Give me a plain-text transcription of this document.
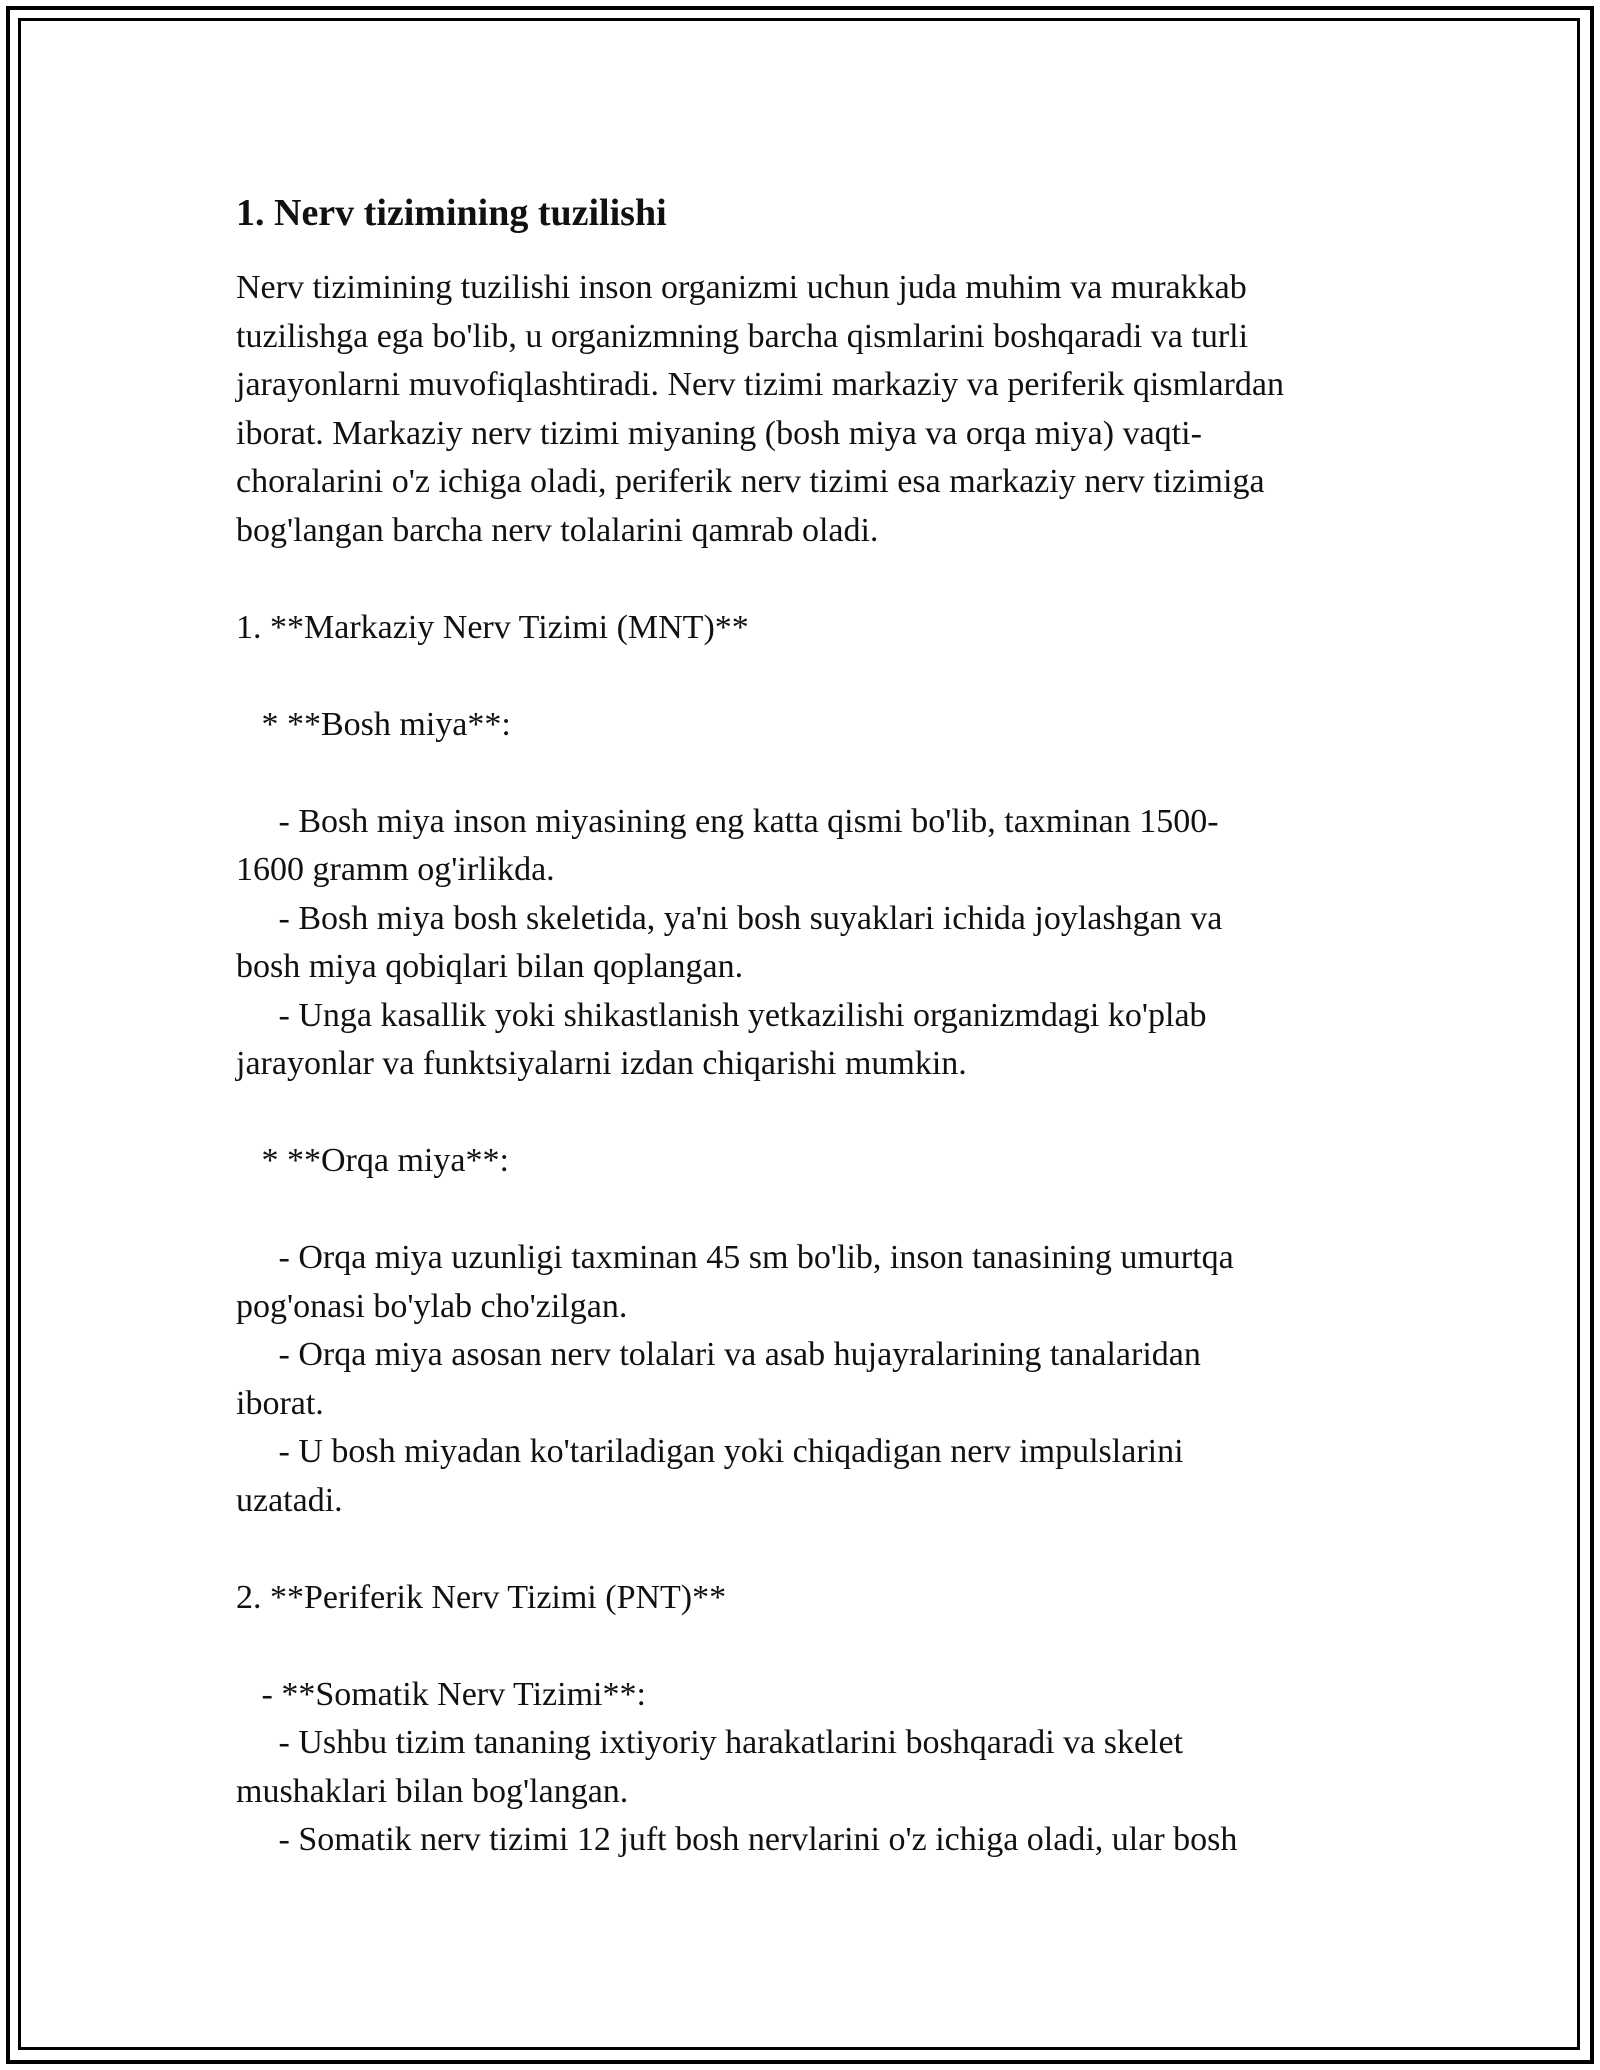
1. Nerv tizimining tuzilishi

Nerv tizimining tuzilishi inson organizmi uchun juda muhim va murakkab
tuzilishga ega bo'lib, u organizmning barcha qismlarini boshqaradi va turli
jarayonlarni muvofiqlashtiradi. Nerv tizimi markaziy va periferik qismlardan
iborat. Markaziy nerv tizimi miyaning (bosh miya va orqa miya) vaqti-
choralarini o'z ichiga oladi, periferik nerv tizimi esa markaziy nerv tizimiga
bog'langan barcha nerv tolalarini qamrab oladi.

1. **Markaziy Nerv Tizimi (MNT)**
* **Bosh miya**:
- Bosh miya inson miyasining eng katta qismi bo'lib, taxminan 1500-
1600 gramm og'irlikda.
- Bosh miya bosh skeletida, ya'ni bosh suyaklari ichida joylashgan va
bosh miya qobiqlari bilan qoplangan.
- Unga kasallik yoki shikastlanish yetkazilishi organizmdagi ko'plab
jarayonlar va funktsiyalarni izdan chiqarishi mumkin.
* **Orqa miya**:
- Orqa miya uzunligi taxminan 45 sm bo'lib, inson tanasining umurtqa
pog'onasi bo'ylab cho'zilgan.
- Orqa miya asosan nerv tolalari va asab hujayralarining tanalaridan
iborat.
- U bosh miyadan ko'tariladigan yoki chiqadigan nerv impulslarini
uzatadi.
2. **Periferik Nerv Tizimi (PNT)**
- **Somatik Nerv Tizimi**:
- Ushbu tizim tananing ixtiyoriy harakatlarini boshqaradi va skelet
mushaklari bilan bog'langan.
- Somatik nerv tizimi 12 juft bosh nervlarini o'z ichiga oladi, ular bosh
